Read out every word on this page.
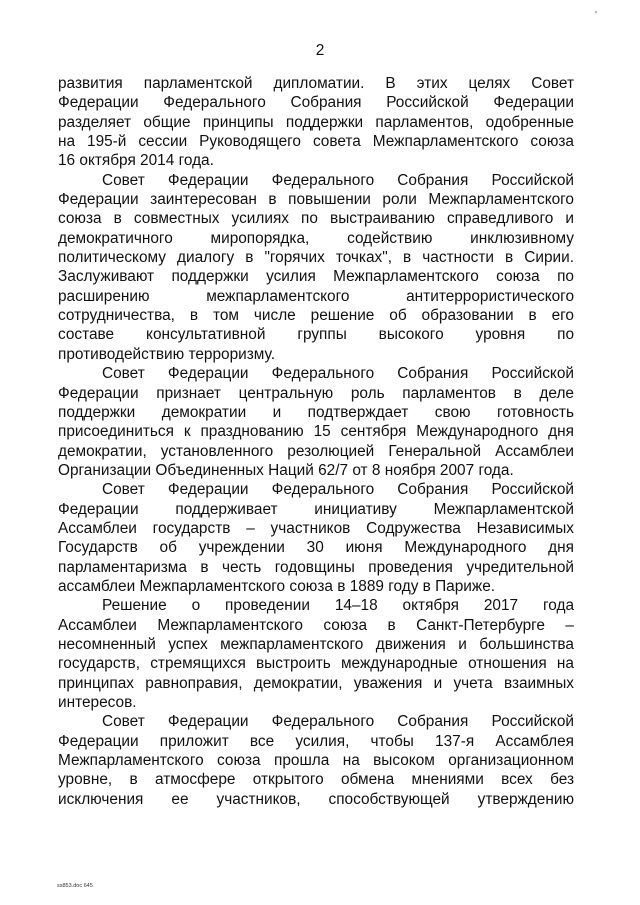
'
2
развития парламентской дипломатии. В этих целях Совет
Федерации Федерального Собрания Российской Федерации
разделяет общие принципы поддержки парламентов, одобренные
на 195-й сессии Руководящего совета Межпарламентского союза
16 октября 2014 года.
Совет Федерации Федерального Собрания Российской
Федерации заинтересован в повышении роли Межпарламентского
союза в совместных усилиях по выстраиванию справедливого и
демократичного миропорядка, содействию инклюзивному
политическому диалогу в "горячих точках", в частности в Сирии.
Заслуживают поддержки усилия Межпарламентского союза по
расширению межпарламентского антитеррористического
сотрудничества, в том числе решение об образовании в его
составе консультативной группы высокого уровня по
противодействию терроризму.
Совет Федерации Федерального Собрания Российской
Федерации признает центральную роль парламентов в деле
поддержки демократии и подтверждает свою готовность
присоединиться к празднованию 15 сентября Международного дня
демократии, установленного резолюцией Генеральной Ассамблеи
Организации Объединенных Наций 62/7 от 8 ноября 2007 года.
Совет Федерации Федерального Собрания Российской
Федерации поддерживает инициативу Межпарламентской
Ассамблеи государств – участников Содружества Независимых
Государств об учреждении 30 июня Международного дня
парламентаризма в честь годовщины проведения учредительной
ассамблеи Межпарламентского союза в 1889 году в Париже.
Решение о проведении 14–18 октября 2017 года
Ассамблеи Межпарламентского союза в Санкт-Петербурге –
несомненный успех межпарламентского движения и большинства
государств, стремящихся выстроить международные отношения на
принципах равноправия, демократии, уважения и учета взаимных
интересов.
Совет Федерации Федерального Собрания Российской
Федерации приложит все усилия, чтобы 137-я Ассамблея
Межпарламентского союза прошла на высоком организационном
уровне, в атмосфере открытого обмена мнениями всех без
исключения ее участников, способствующей утверждению
ss853.doc 645
